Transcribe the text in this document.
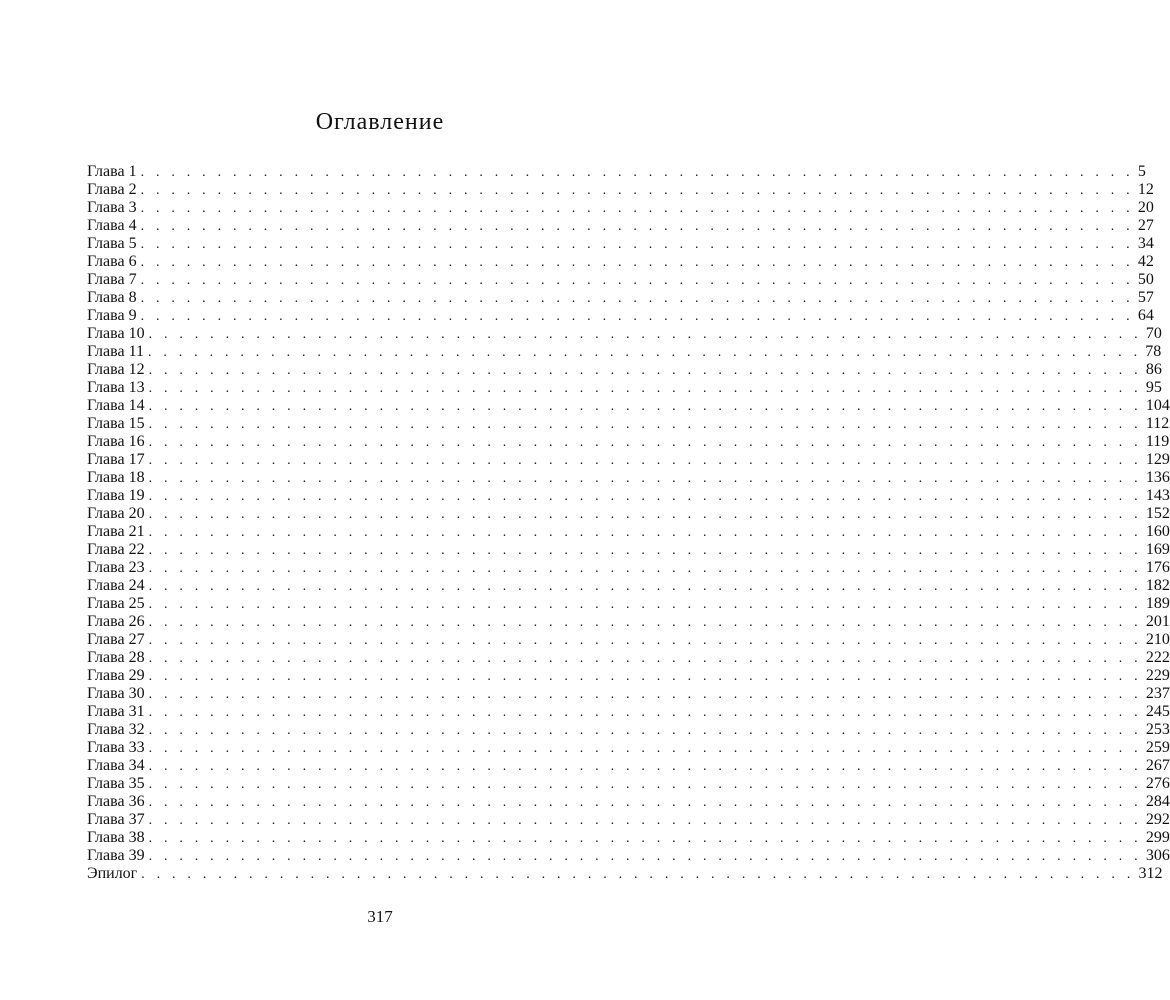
Оглавление
Глава 1 . . . . . . . . . . . . . . . . . . . . . . . . . . . . . . . . . . . . . . . . . . . . . . . . . . . . . . . . . . . . . . . . . 5
Глава 2 . . . . . . . . . . . . . . . . . . . . . . . . . . . . . . . . . . . . . . . . . . . . . . . . . . . . . . . . . . . . . . . . . 12
Глава 3 . . . . . . . . . . . . . . . . . . . . . . . . . . . . . . . . . . . . . . . . . . . . . . . . . . . . . . . . . . . . . . . . . 20
Глава 4 . . . . . . . . . . . . . . . . . . . . . . . . . . . . . . . . . . . . . . . . . . . . . . . . . . . . . . . . . . . . . . . . . 27
Глава 5 . . . . . . . . . . . . . . . . . . . . . . . . . . . . . . . . . . . . . . . . . . . . . . . . . . . . . . . . . . . . . . . . . 34
Глава 6 . . . . . . . . . . . . . . . . . . . . . . . . . . . . . . . . . . . . . . . . . . . . . . . . . . . . . . . . . . . . . . . . . 42
Глава 7 . . . . . . . . . . . . . . . . . . . . . . . . . . . . . . . . . . . . . . . . . . . . . . . . . . . . . . . . . . . . . . . . . 50
Глава 8 . . . . . . . . . . . . . . . . . . . . . . . . . . . . . . . . . . . . . . . . . . . . . . . . . . . . . . . . . . . . . . . . . 57
Глава 9 . . . . . . . . . . . . . . . . . . . . . . . . . . . . . . . . . . . . . . . . . . . . . . . . . . . . . . . . . . . . . . . . . 64
Глава 10 . . . . . . . . . . . . . . . . . . . . . . . . . . . . . . . . . . . . . . . . . . . . . . . . . . . . . . . . . . . . . . . . . 70
Глава 11 . . . . . . . . . . . . . . . . . . . . . . . . . . . . . . . . . . . . . . . . . . . . . . . . . . . . . . . . . . . . . . . . . 78
Глава 12 . . . . . . . . . . . . . . . . . . . . . . . . . . . . . . . . . . . . . . . . . . . . . . . . . . . . . . . . . . . . . . . . . 86
Глава 13 . . . . . . . . . . . . . . . . . . . . . . . . . . . . . . . . . . . . . . . . . . . . . . . . . . . . . . . . . . . . . . . . . 95
Глава 14 . . . . . . . . . . . . . . . . . . . . . . . . . . . . . . . . . . . . . . . . . . . . . . . . . . . . . . . . . . . . . . . . . 104
Глава 15 . . . . . . . . . . . . . . . . . . . . . . . . . . . . . . . . . . . . . . . . . . . . . . . . . . . . . . . . . . . . . . . . . 112
Глава 16 . . . . . . . . . . . . . . . . . . . . . . . . . . . . . . . . . . . . . . . . . . . . . . . . . . . . . . . . . . . . . . . . . 119
Глава 17 . . . . . . . . . . . . . . . . . . . . . . . . . . . . . . . . . . . . . . . . . . . . . . . . . . . . . . . . . . . . . . . . . 129
Глава 18 . . . . . . . . . . . . . . . . . . . . . . . . . . . . . . . . . . . . . . . . . . . . . . . . . . . . . . . . . . . . . . . . . 136
Глава 19 . . . . . . . . . . . . . . . . . . . . . . . . . . . . . . . . . . . . . . . . . . . . . . . . . . . . . . . . . . . . . . . . . 143
Глава 20 . . . . . . . . . . . . . . . . . . . . . . . . . . . . . . . . . . . . . . . . . . . . . . . . . . . . . . . . . . . . . . . . . 152
Глава 21 . . . . . . . . . . . . . . . . . . . . . . . . . . . . . . . . . . . . . . . . . . . . . . . . . . . . . . . . . . . . . . . . . 160
Глава 22 . . . . . . . . . . . . . . . . . . . . . . . . . . . . . . . . . . . . . . . . . . . . . . . . . . . . . . . . . . . . . . . . . 169
Глава 23 . . . . . . . . . . . . . . . . . . . . . . . . . . . . . . . . . . . . . . . . . . . . . . . . . . . . . . . . . . . . . . . . . 176
Глава 24 . . . . . . . . . . . . . . . . . . . . . . . . . . . . . . . . . . . . . . . . . . . . . . . . . . . . . . . . . . . . . . . . . 182
Глава 25 . . . . . . . . . . . . . . . . . . . . . . . . . . . . . . . . . . . . . . . . . . . . . . . . . . . . . . . . . . . . . . . . . 189
Глава 26 . . . . . . . . . . . . . . . . . . . . . . . . . . . . . . . . . . . . . . . . . . . . . . . . . . . . . . . . . . . . . . . . . 201
Глава 27 . . . . . . . . . . . . . . . . . . . . . . . . . . . . . . . . . . . . . . . . . . . . . . . . . . . . . . . . . . . . . . . . . 210
Глава 28 . . . . . . . . . . . . . . . . . . . . . . . . . . . . . . . . . . . . . . . . . . . . . . . . . . . . . . . . . . . . . . . . . 222
Глава 29 . . . . . . . . . . . . . . . . . . . . . . . . . . . . . . . . . . . . . . . . . . . . . . . . . . . . . . . . . . . . . . . . . 229
Глава 30 . . . . . . . . . . . . . . . . . . . . . . . . . . . . . . . . . . . . . . . . . . . . . . . . . . . . . . . . . . . . . . . . . 237
Глава 31 . . . . . . . . . . . . . . . . . . . . . . . . . . . . . . . . . . . . . . . . . . . . . . . . . . . . . . . . . . . . . . . . . 245
Глава 32 . . . . . . . . . . . . . . . . . . . . . . . . . . . . . . . . . . . . . . . . . . . . . . . . . . . . . . . . . . . . . . . . . 253
Глава 33 . . . . . . . . . . . . . . . . . . . . . . . . . . . . . . . . . . . . . . . . . . . . . . . . . . . . . . . . . . . . . . . . . 259
Глава 34 . . . . . . . . . . . . . . . . . . . . . . . . . . . . . . . . . . . . . . . . . . . . . . . . . . . . . . . . . . . . . . . . . 267
Глава 35 . . . . . . . . . . . . . . . . . . . . . . . . . . . . . . . . . . . . . . . . . . . . . . . . . . . . . . . . . . . . . . . . . 276
Глава 36 . . . . . . . . . . . . . . . . . . . . . . . . . . . . . . . . . . . . . . . . . . . . . . . . . . . . . . . . . . . . . . . . . 284
Глава 37 . . . . . . . . . . . . . . . . . . . . . . . . . . . . . . . . . . . . . . . . . . . . . . . . . . . . . . . . . . . . . . . . . 292
Глава 38 . . . . . . . . . . . . . . . . . . . . . . . . . . . . . . . . . . . . . . . . . . . . . . . . . . . . . . . . . . . . . . . . . 299
Глава 39 . . . . . . . . . . . . . . . . . . . . . . . . . . . . . . . . . . . . . . . . . . . . . . . . . . . . . . . . . . . . . . . . . 306
Эпилог . . . . . . . . . . . . . . . . . . . . . . . . . . . . . . . . . . . . . . . . . . . . . . . . . . . . . . . . . . . . . . . . . 312
317
